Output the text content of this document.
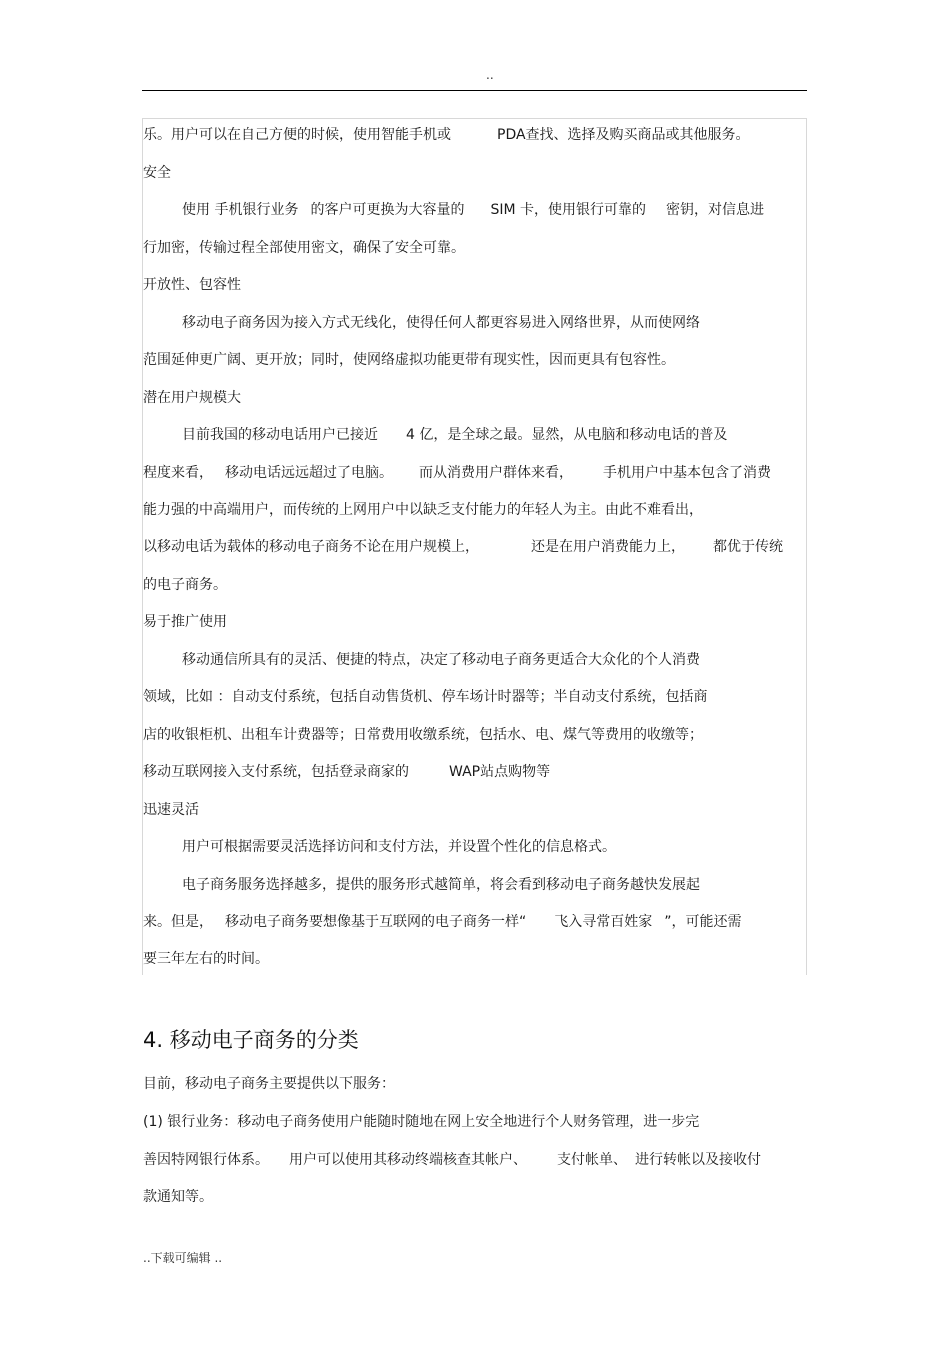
..
乐。用户可以在自己方便的时候，使用智能手机或	PDA查找、选择及购买商品或其他服务。
安全
使用 手机银行业务 的客户可更换为大容量的 SIM 卡，使用银行可靠的 密钥，对信息进
行加密，传输过程全部使用密文，确保了安全可靠。
开放性、包容性
移动电子商务因为接入方式无线化，使得任何人都更容易进入网络世界，从而使网络
范围延伸更广阔、更开放；同时，使网络虚拟功能更带有现实性，因而更具有包容性。
潜在用户规模大
目前我国的移动电话用户已接近 4 亿，是全球之最。显然，从电脑和移动电话的普及
程度来看， 移动电话远远超过了电脑。 而从消费用户群体来看， 手机用户中基本包含了消费
能力强的中高端用户，而传统的上网用户中以缺乏支付能力的年轻人为主。由此不难看出，
以移动电话为载体的移动电子商务不论在用户规模上，	还是在用户消费能力上， 都优于传统
的电子商务。
易于推广使用
移动通信所具有的灵活、便捷的特点，决定了移动电子商务更适合大众化的个人消费
领域，比如 ：自动支付系统，包括自动售货机、停车场计时器等；半自动支付系统，包括商
店的收银柜机、出租车计费器等；日常费用收缴系统，包括水、电、煤气等费用的收缴等；
移动互联网接入支付系统，包括登录商家的	WAP站点购物等
迅速灵活
用户可根据需要灵活选择访问和支付方法，并设置个性化的信息格式。
电子商务服务选择越多，提供的服务形式越简单，将会看到移动电子商务越快发展起
来。但是， 移动电子商务要想像基于互联网的电子商务一样“ 飞入寻常百姓家 ”，可能还需
要三年左右的时间。
4. 移动电子商务的分类
目前，移动电子商务主要提供以下服务：
(1) 银行业务：移动电子商务使用户能随时随地在网上安全地进行个人财务管理，进一步完
善因特网银行体系。 用户可以使用其移动终端核查其帐户、 支付帐单、 进行转帐以及接收付
款通知等。
..下载可编辑 ..
